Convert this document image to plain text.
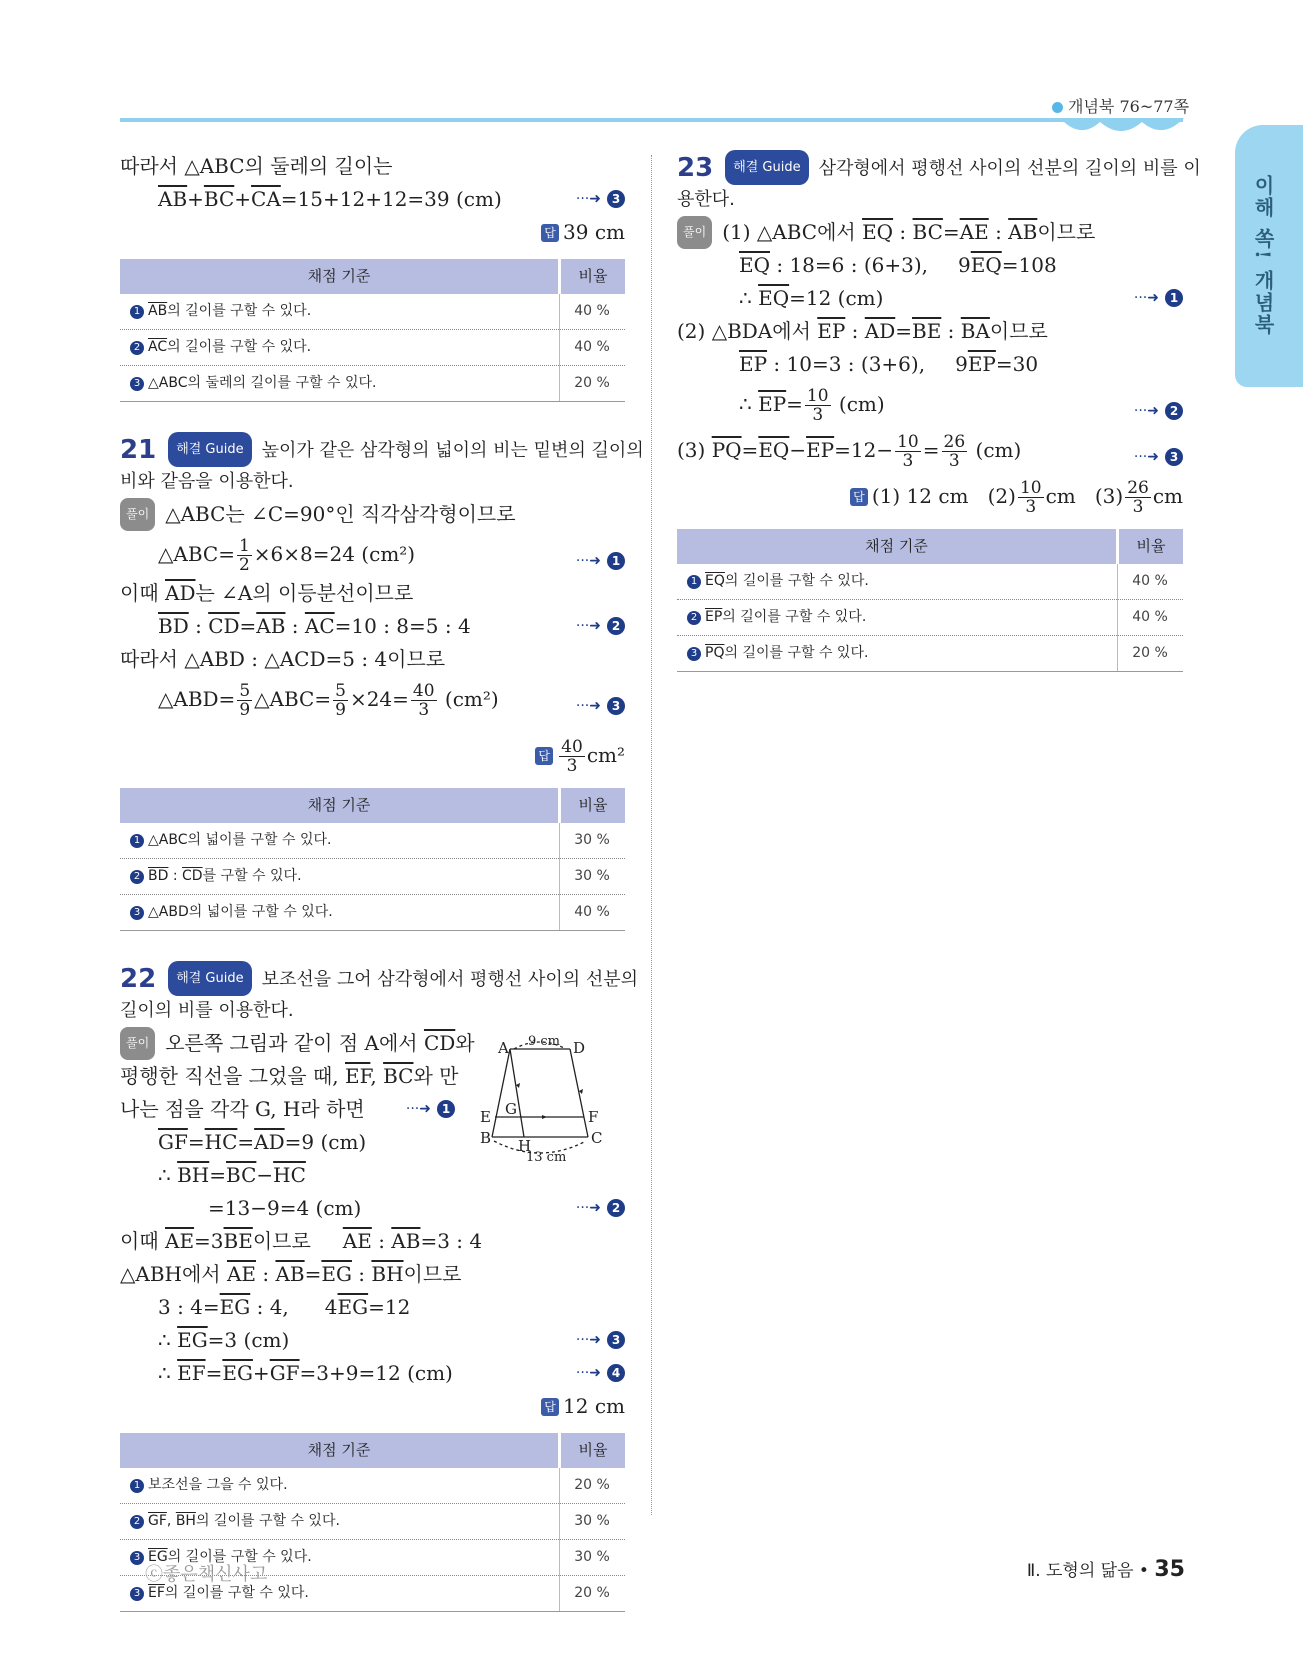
개념북 76~77쪽
이해 쏙! 개념북
따라서 △ABC의 둘레의 길이는
$\overline{AB}+\overline{BC}+\overline{CA}=15+12+12=39$ (cm)	···➜ 3
답 39 cm
채점 기준	비율
1 $\overline{AB}$의 길이를 구할 수 있다.	40 %
2 $\overline{AC}$의 길이를 구할 수 있다.	40 %
3 △ABC의 둘레의 길이를 구할 수 있다.	20 %
21 해결 Guide 높이가 같은 삼각형의 넓이의 비는 밑변의 길이의
비와 같음을 이용한다.
풀이 △ABC는 ∠C=90°인 직각삼각형이므로
△ABC= $\frac{1}{2} \times 6\times 8=24$ (cm²)	···➜ 1
이때 $\overline{AD}$는 ∠A의 이등분선이므로
$\overline{BD}$ : $\overline{CD}=\overline{AB}$ : $\overline{AC}=10$ : 8=5 : 4	···➜ 2
따라서 △ABD : △ACD=5 : 4이므로
△ABD= $\frac{5}{9}$ △ABC= $\frac{5}{9} \times 24= \frac{40}{3} (cm^2)$	···➜ 3
답 $\frac{40}{3} cm^2$
채점 기준	비율
1 △ABC의 넓이를 구할 수 있다.	30 %
2 $\overline{BD}$ : $\overline{CD}$를 구할 수 있다.	30 %
3 △ABD의 넓이를 구할 수 있다.	40 %
22 해결 Guide 보조선을 그어 삼각형에서 평행선 사이의 선분의
길이의 비를 이용한다.
A	D
E	F
G
B	C
H
9 cm
13 cm
풀이 오른쪽 그림과 같이 점 A에서 $\overline{CD}$와
평행한 직선을 그었을 때, $\overline{EF}$, $\overline{BC}$와 만
나는 점을 각각 G, H라 하면	···➜ 1
$\overline{GF}=\overline{HC}=\overline{AD}=9$ (cm)
∴ $\overline{BH}=\overline{BC}-\overline{HC}$
=13−9=4 (cm)	···➜ 2
이때 $\overline{AE}=3\overline{BE}$이므로 $\overline{AE}$ : $\overline{AB}=3$ : 4
△ABH에서 $\overline{AE}$ : $\overline{AB}=\overline{EG}$ : $\overline{BH}$이므로
3 : $4=\overline{EG}$ : 4, $4\overline{EG}=12$
∴ $\overline{EG}=3$ (cm)	···➜ 3
∴ $\overline{EF}=\overline{EG}+\overline{GF}=3+9=12$ (cm)	···➜ 4
답 12 cm
채점 기준	비율
1 보조선을 그을 수 있다.	20 %
2 $\overline{GF}$, $\overline{BH}$의 길이를 구할 수 있다.	30 %
3 $\overline{EG}$의 길이를 구할 수 있다.	30 %
3 $\overline{EF}$의 길이를 구할 수 있다.	20 %
23 해결 Guide 삼각형에서 평행선 사이의 선분의 길이의 비를 이
용한다.
풀이 (1) △ABC에서 $\overline{EQ}$ : $\overline{BC}=\overline{AE}$ : $\overline{AB}$이므로
$\overline{EQ}$ : 18=6 : (6+3), $9\overline{EQ}=108$
∴ $\overline{EQ}=12$ (cm)	···➜ 1
(2) △BDA에서 $\overline{EP}$ : $\overline{AD}=\overline{BE}$ : $\overline{BA}$이므로
$\overline{EP}$ : 10=3 : (3+6), $9\overline{EP}=30$
∴ $\overline{EP}= \frac{10}{3} (cm)$	···➜ 2
(3) $\overline{PQ}=\overline{EQ}-\overline{EP}=12- \frac{10}{3} = \frac{26}{3} (cm)$	···➜ 3
답 (1) 12 cm $(2) \frac{10}{3}$ cm $(3) \frac{26}{3}$ cm
채점 기준	비율
1 $\overline{EQ}$의 길이를 구할 수 있다.	40 %
2 $\overline{EP}$의 길이를 구할 수 있다.	40 %
3 $\overline{PQ}$의 길이를 구할 수 있다.	20 %
ⓒ좋은책신사고	Ⅱ. 도형의 닮음 • 35
